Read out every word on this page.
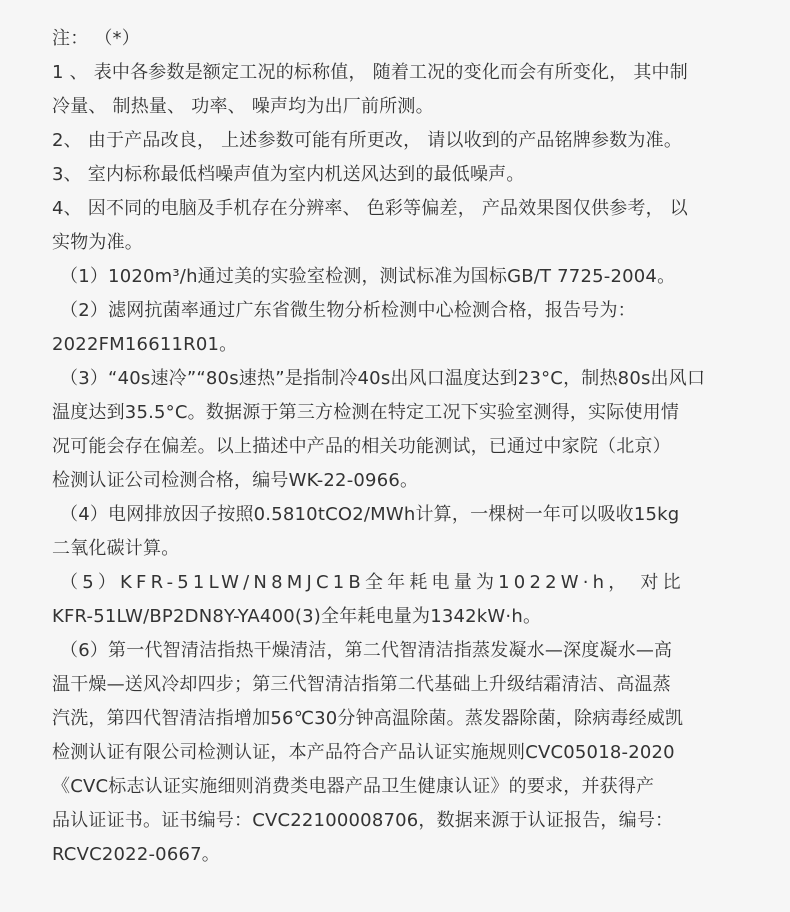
注： （*）
1 、 表中各参数是额定工况的标称值， 随着工况的变化而会有所变化， 其中制
冷量、 制热量、 功率、 噪声均为出厂前所测。
2、 由于产品改良， 上述参数可能有所更改， 请以收到的产品铭牌参数为准。
3、 室内标称最低档噪声值为室内机送风达到的最低噪声。
4、 因不同的电脑及手机存在分辨率、 色彩等偏差， 产品效果图仅供参考， 以
实物为准。
（1）1020m³/h通过美的实验室检测，测试标准为国标GB/T 7725-2004。
（2）滤网抗菌率通过广东省微生物分析检测中心检测合格，报告号为：
2022FM16611R01。
（3）“40s速冷”“80s速热”是指制冷40s出风口温度达到23°C，制热80s出风口
温度达到35.5°C。数据源于第三方检测在特定工况下实验室测得，实际使用情
况可能会存在偏差。以上描述中产品的相关功能测试，已通过中家院（北京）
检测认证公司检测合格，编号WK-22-0966。
（4）电网排放因子按照0.5810tCO2/MWh计算，一棵树一年可以吸收15kg
二氧化碳计算。
（5）KFR-51LW/N8MJC1B全年耗电量为1022W·h， 对比
KFR-51LW/BP2DN8Y-YA400(3)全年耗电量为1342kW·h。
（6）第一代智清洁指热干燥清洁，第二代智清洁指蒸发凝水—深度凝水—高
温干燥—送风冷却四步；第三代智清洁指第二代基础上升级结霜清洁、高温蒸
汽洗，第四代智清洁指增加56℃30分钟高温除菌。蒸发器除菌，除病毒经威凯
检测认证有限公司检测认证，本产品符合产品认证实施规则CVC05018-2020
《CVC标志认证实施细则消费类电器产品卫生健康认证》的要求，并获得产
品认证证书。证书编号：CVC22100008706，数据来源于认证报告，编号：
RCVC2022-0667。
